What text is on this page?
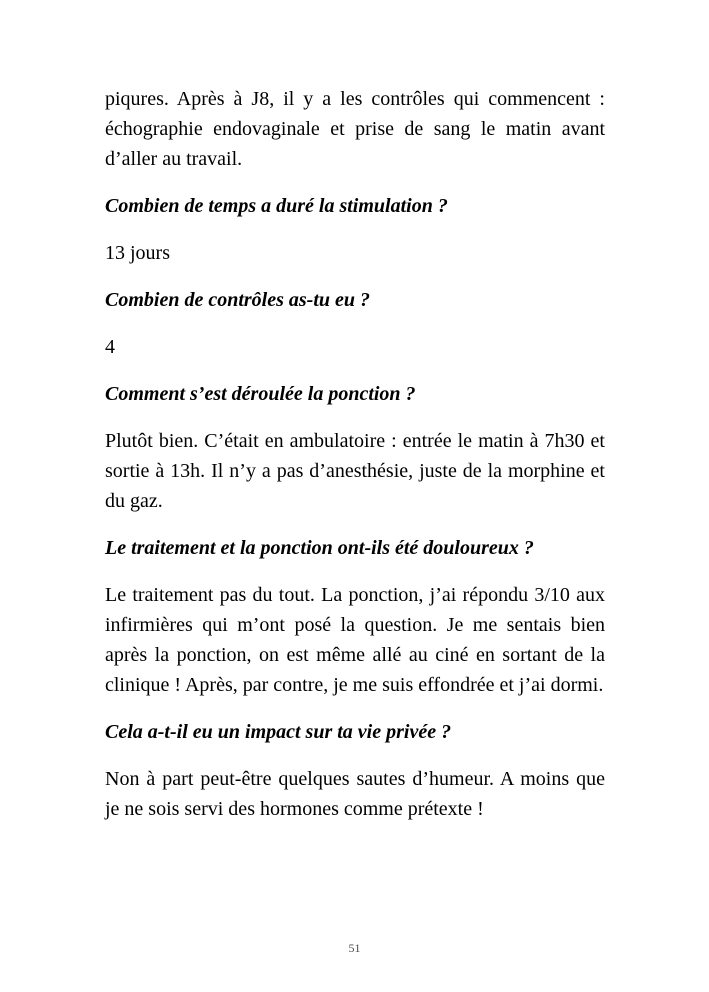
piqures. Après à J8, il y a les contrôles qui commencent : échographie endovaginale et prise de sang le matin avant d’aller au travail.

Combien de temps a duré la stimulation ?

13 jours

Combien de contrôles as-tu eu ?

4

Comment s’est déroulée la ponction ?

Plutôt bien. C’était en ambulatoire : entrée le matin à 7h30 et sortie à 13h. Il n’y a pas d’anesthésie, juste de la morphine et du gaz.

Le traitement et la ponction ont-ils été douloureux ?

Le traitement pas du tout. La ponction, j’ai répondu 3/10 aux infirmières qui m’ont posé la question. Je me sentais bien après la ponction, on est même allé au ciné en sortant de la clinique ! Après, par contre, je me suis effondrée et j’ai dormi.

Cela a-t-il eu un impact sur ta vie privée ?

Non à part peut-être quelques sautes d’humeur. A moins que je ne sois servi des hormones comme prétexte !

51
